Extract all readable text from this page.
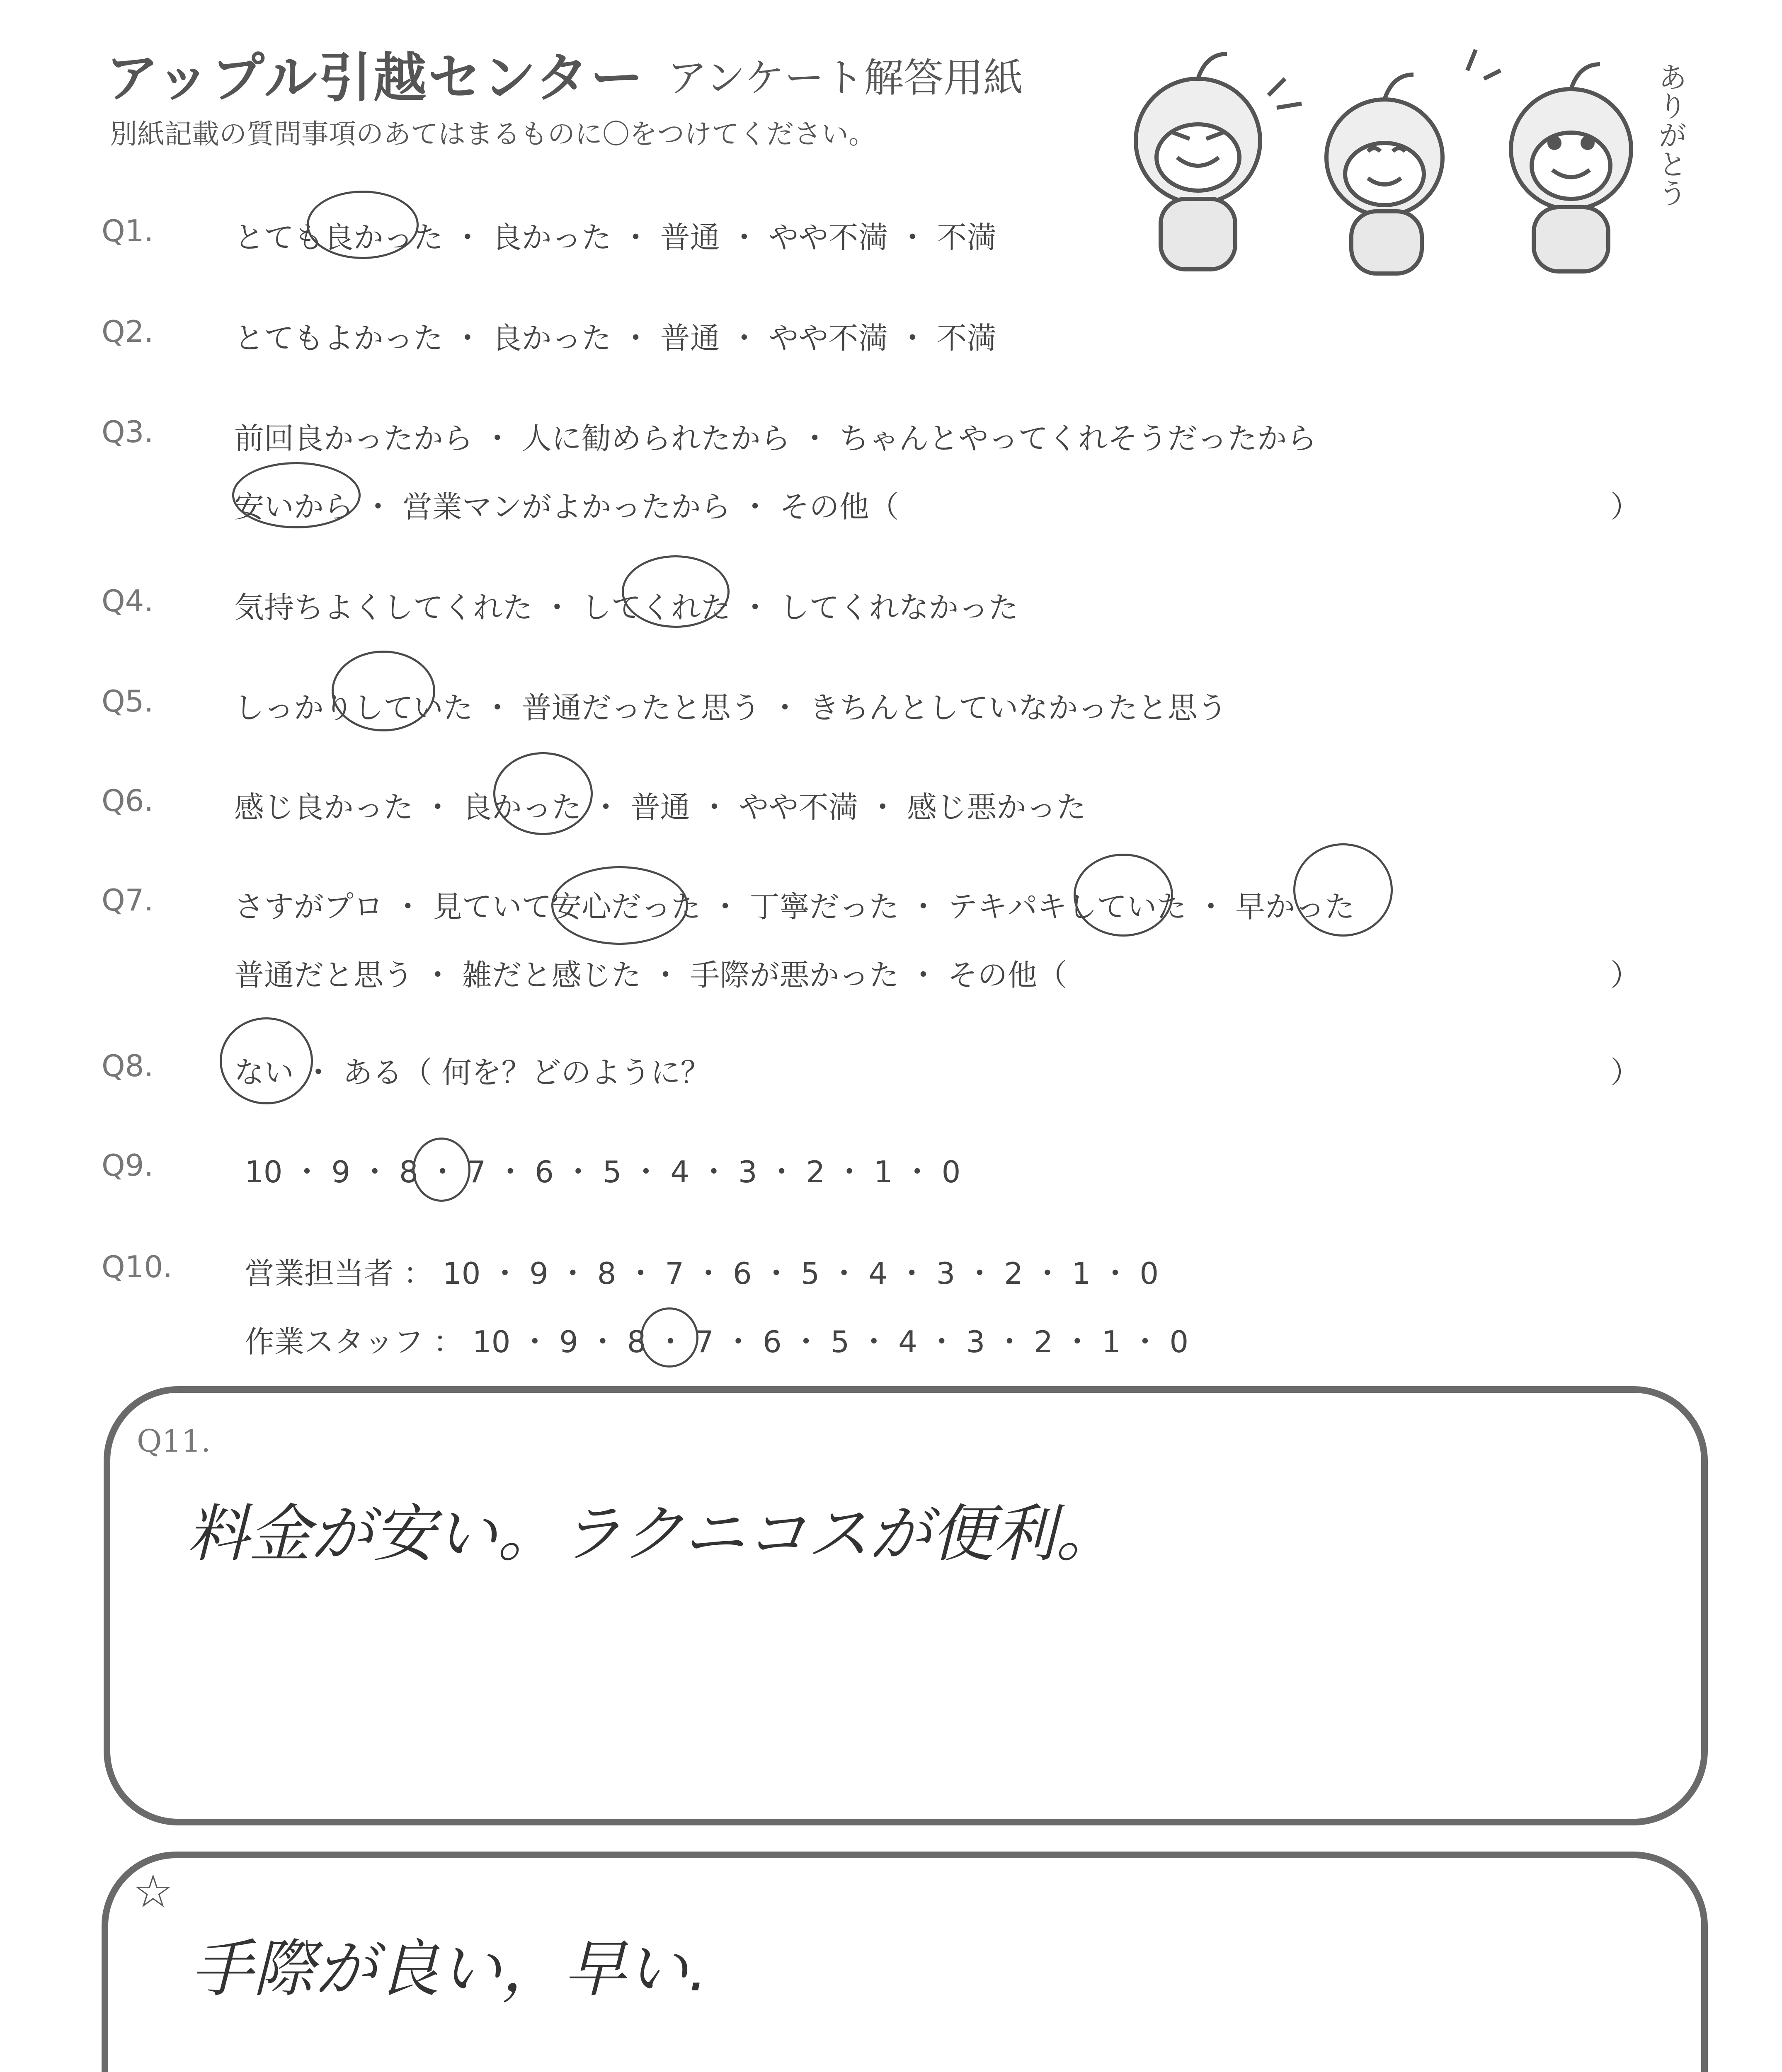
アップル引越センター アンケート解答用紙
別紙記載の質問事項のあてはまるものに〇をつけてください。	ありがとう
Q1.	とても良かった ・ 良かった ・ 普通 ・ やや不満 ・ 不満
Q2.	とてもよかった ・ 良かった ・ 普通 ・ やや不満 ・ 不満
Q3.	前回良かったから ・ 人に勧められたから ・ ちゃんとやってくれそうだったから
安いから ・ 営業マンがよかったから ・ その他（	）
Q4.	気持ちよくしてくれた ・ してくれた ・ してくれなかった
Q5.	しっかりしていた ・ 普通だったと思う ・ きちんとしていなかったと思う
Q6.	感じ良かった ・ 良かった ・ 普通 ・ やや不満 ・ 感じ悪かった
Q7.	さすがプロ ・ 見ていて安心だった ・ 丁寧だった ・ テキパキしていた ・ 早かった
普通だと思う ・ 雑だと感じた ・ 手際が悪かった ・ その他（	）
Q8.	ない ・ ある（ 何を？どのように？	）
Q9.	10 ・ 9 ・ 8 ・ 7 ・ 6 ・ 5 ・ 4 ・ 3 ・ 2 ・ 1 ・ 0
Q10. 営業担当者 ： 10 ・ 9 ・ 8 ・ 7 ・ 6 ・ 5 ・ 4 ・ 3 ・ 2 ・ 1 ・ 0
作業スタッフ ： 10 ・ 9 ・ 8 ・ 7 ・ 6 ・ 5 ・ 4 ・ 3 ・ 2 ・ 1 ・ 0
Q11.
料金が安い。ラクニコスが便利。
☆
手際が良い，早い.
